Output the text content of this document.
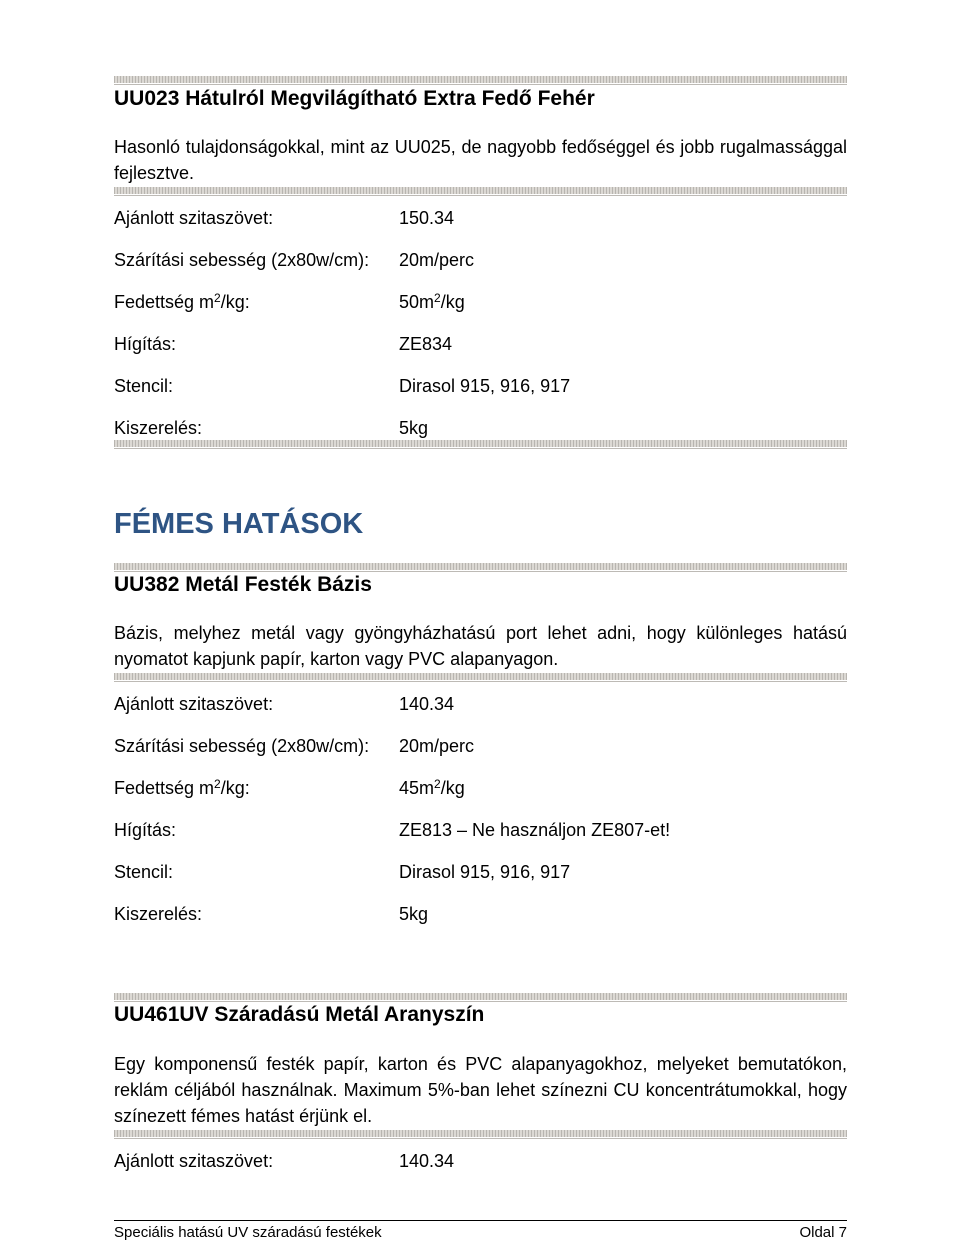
UU023 Hátulról Megvilágítható Extra Fedő Fehér
Hasonló tulajdonságokkal, mint az UU025, de nagyobb fedőséggel és jobb rugalmassággal fejlesztve.
Ajánlott szitaszövet:	150.34
Szárítási sebesség (2x80w/cm): 20m/perc
Fedettség $m^2/kg$:	$50m^2/kg$
Hígítás:	ZE834
Stencil:	Dirasol 915, 916, 917
Kiszerelés:	5kg
FÉMES HATÁSOK
UU382 Metál Festék Bázis
Bázis, melyhez metál vagy gyöngyházhatású port lehet adni, hogy különleges hatású nyomatot kapjunk papír, karton vagy PVC alapanyagon.
Ajánlott szitaszövet:	140.34
Szárítási sebesség (2x80w/cm): 20m/perc
Fedettség $m^2/kg$:	$45m^2/kg$
Hígítás:	ZE813 – Ne használjon ZE807-et!
Stencil:	Dirasol 915, 916, 917
Kiszerelés:	5kg
UU461UV Száradású Metál Aranyszín
Egy komponensű festék papír, karton és PVC alapanyagokhoz, melyeket bemutatókon, reklám céljából használnak. Maximum 5%-ban lehet színezni CU koncentrátumokkal, hogy színezett fémes hatást érjünk el.
Ajánlott szitaszövet:	140.34
Speciális hatású UV száradású festékek	Oldal 7
